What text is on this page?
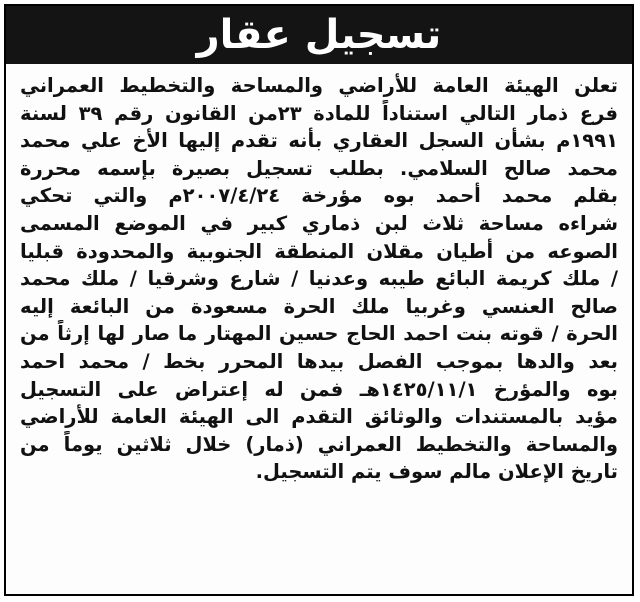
تسجيل عقار
تعلن الهيئة العامة للأراضي والمساحة والتخطيط العمراني
فرع ذمار التالي استناداً للمادة ٢٣من القانون رقم ٣٩ لسنة
١٩٩١م بشأن السجل العقاري بأنه تقدم إليها الأخ علي محمد
محمد صالح السلامي. بطلب تسجيل بصيرة بإسمه محررة
بقلم محمد أحمد بوه مؤرخة ٢٠٠٧/٤/٢٤م والتي تحكي
شراءه مساحة ثلاث لبن ذماري كبير في الموضع المسمى
الصوعه من أطيان مقلان المنطقة الجنوبية والمحدودة قبليا
/ ملك كريمة البائع طيبه وعدنيا / شارع وشرقيا / ملك محمد
صالح العنسي وغربيا ملك الحرة مسعودة من البائعة إليه
الحرة / قوته بنت احمد الحاج حسين المهتار ما صار لها إرثاً من
بعد والدها بموجب الفصل بيدها المحرر بخط / محمد احمد
بوه والمؤرخ ١٤٢٥/١١/١هـ فمن له إعتراض على التسجيل
مؤيد بالمستندات والوثائق التقدم الى الهيئة العامة للأراضي
والمساحة والتخطيط العمراني (ذمار) خلال ثلاثين يوماً من
تاريخ الإعلان مالم سوف يتم التسجيل.
